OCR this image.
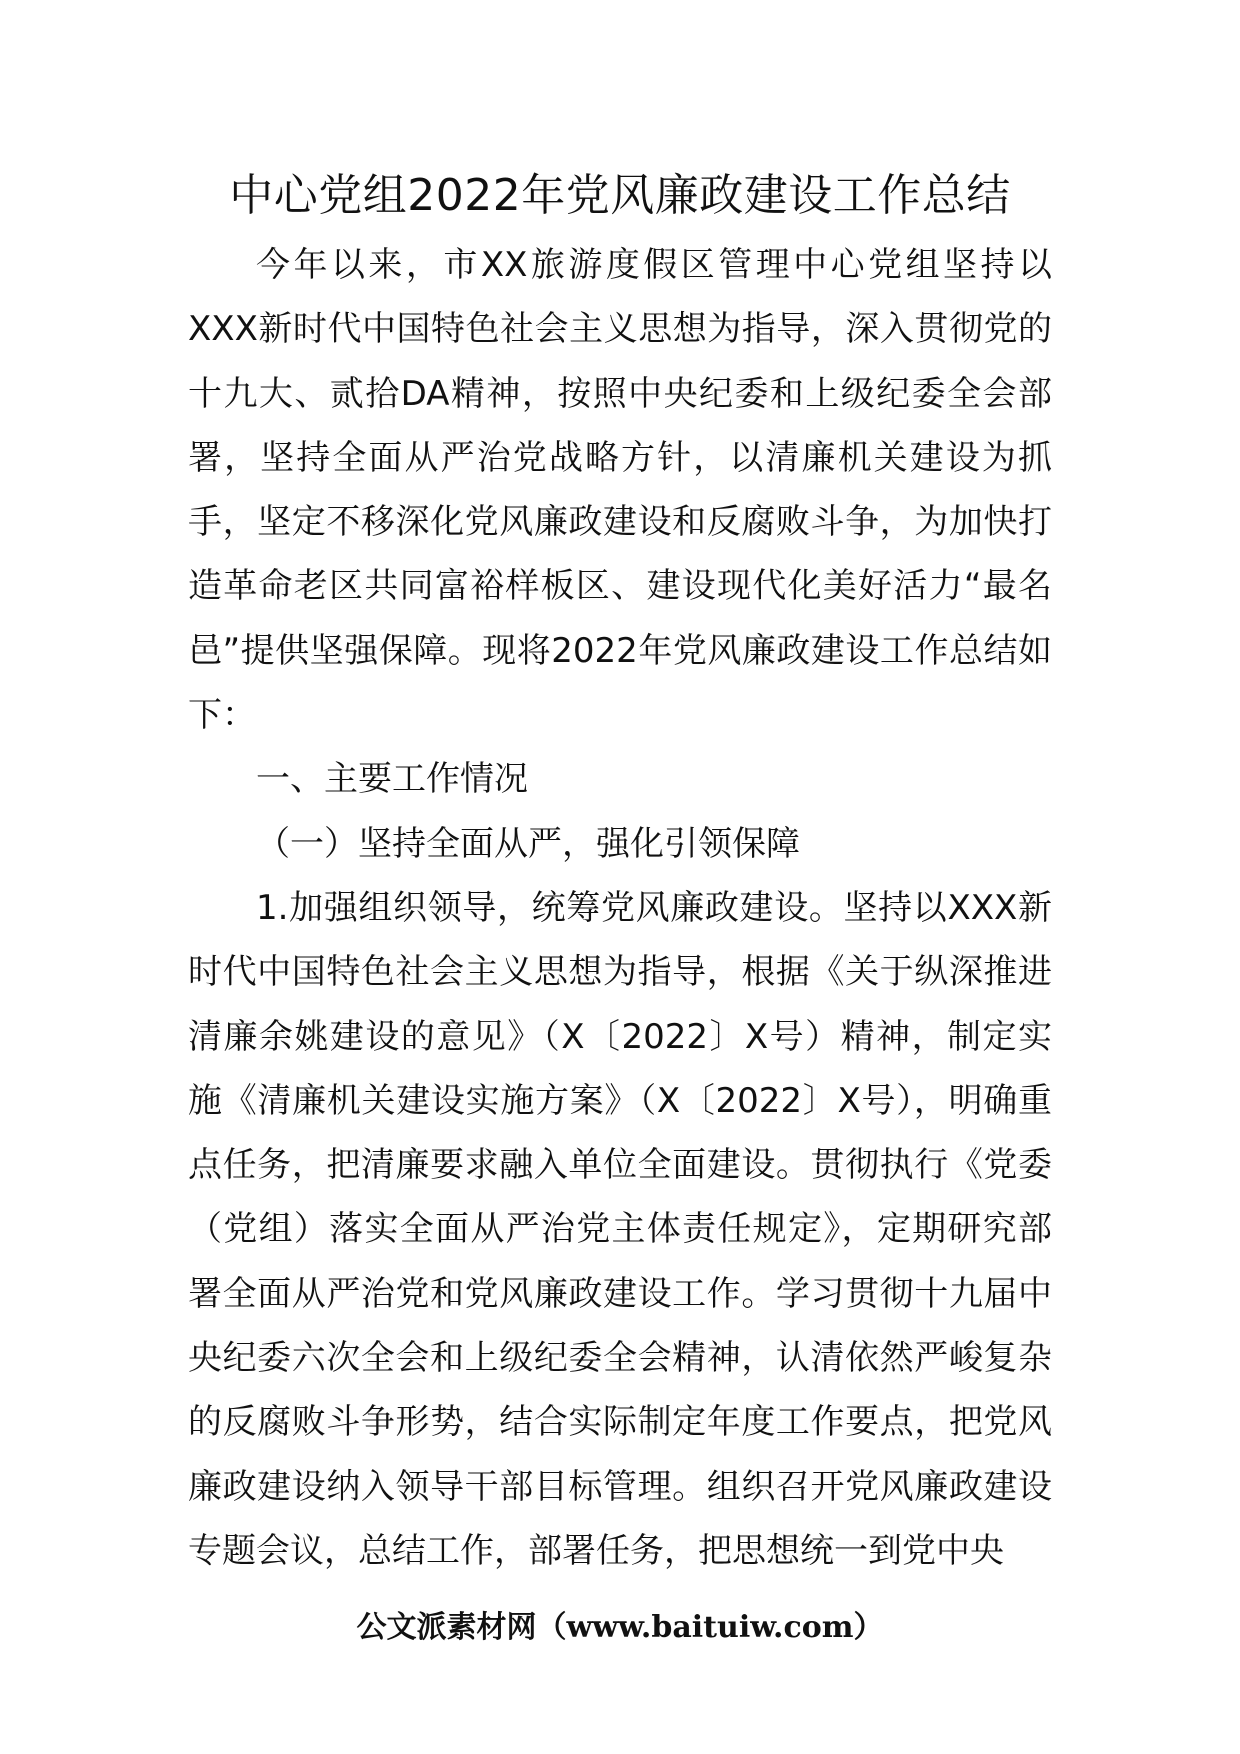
中心党组2022年党风廉政建设工作总结

今年以来，市XX旅游度假区管理中心党组坚持以XXX新时代中国特色社会主义思想为指导，深入贯彻党的十九大、贰拾DA精神，按照中央纪委和上级纪委全会部署，坚持全面从严治党战略方针，以清廉机关建设为抓手，坚定不移深化党风廉政建设和反腐败斗争，为加快打造革命老区共同富裕样板区、建设现代化美好活力“最名邑”提供坚强保障。现将2022年党风廉政建设工作总结如下：

一、主要工作情况

（一）坚持全面从严，强化引领保障

1.加强组织领导，统筹党风廉政建设。坚持以XXX新时代中国特色社会主义思想为指导，根据《关于纵深推进清廉余姚建设的意见》（X〔2022〕X号）精神，制定实施《清廉机关建设实施方案》（X〔2022〕X号），明确重点任务，把清廉要求融入单位全面建设。贯彻执行《党委（党组）落实全面从严治党主体责任规定》，定期研究部署全面从严治党和党风廉政建设工作。学习贯彻十九届中央纪委六次全会和上级纪委全会精神，认清依然严峻复杂的反腐败斗争形势，结合实际制定年度工作要点，把党风廉政建设纳入领导干部目标管理。组织召开党风廉政建设专题会议，总结工作，部署任务，把思想统一到党中央

公文派素材网（www.baituiw.com）
